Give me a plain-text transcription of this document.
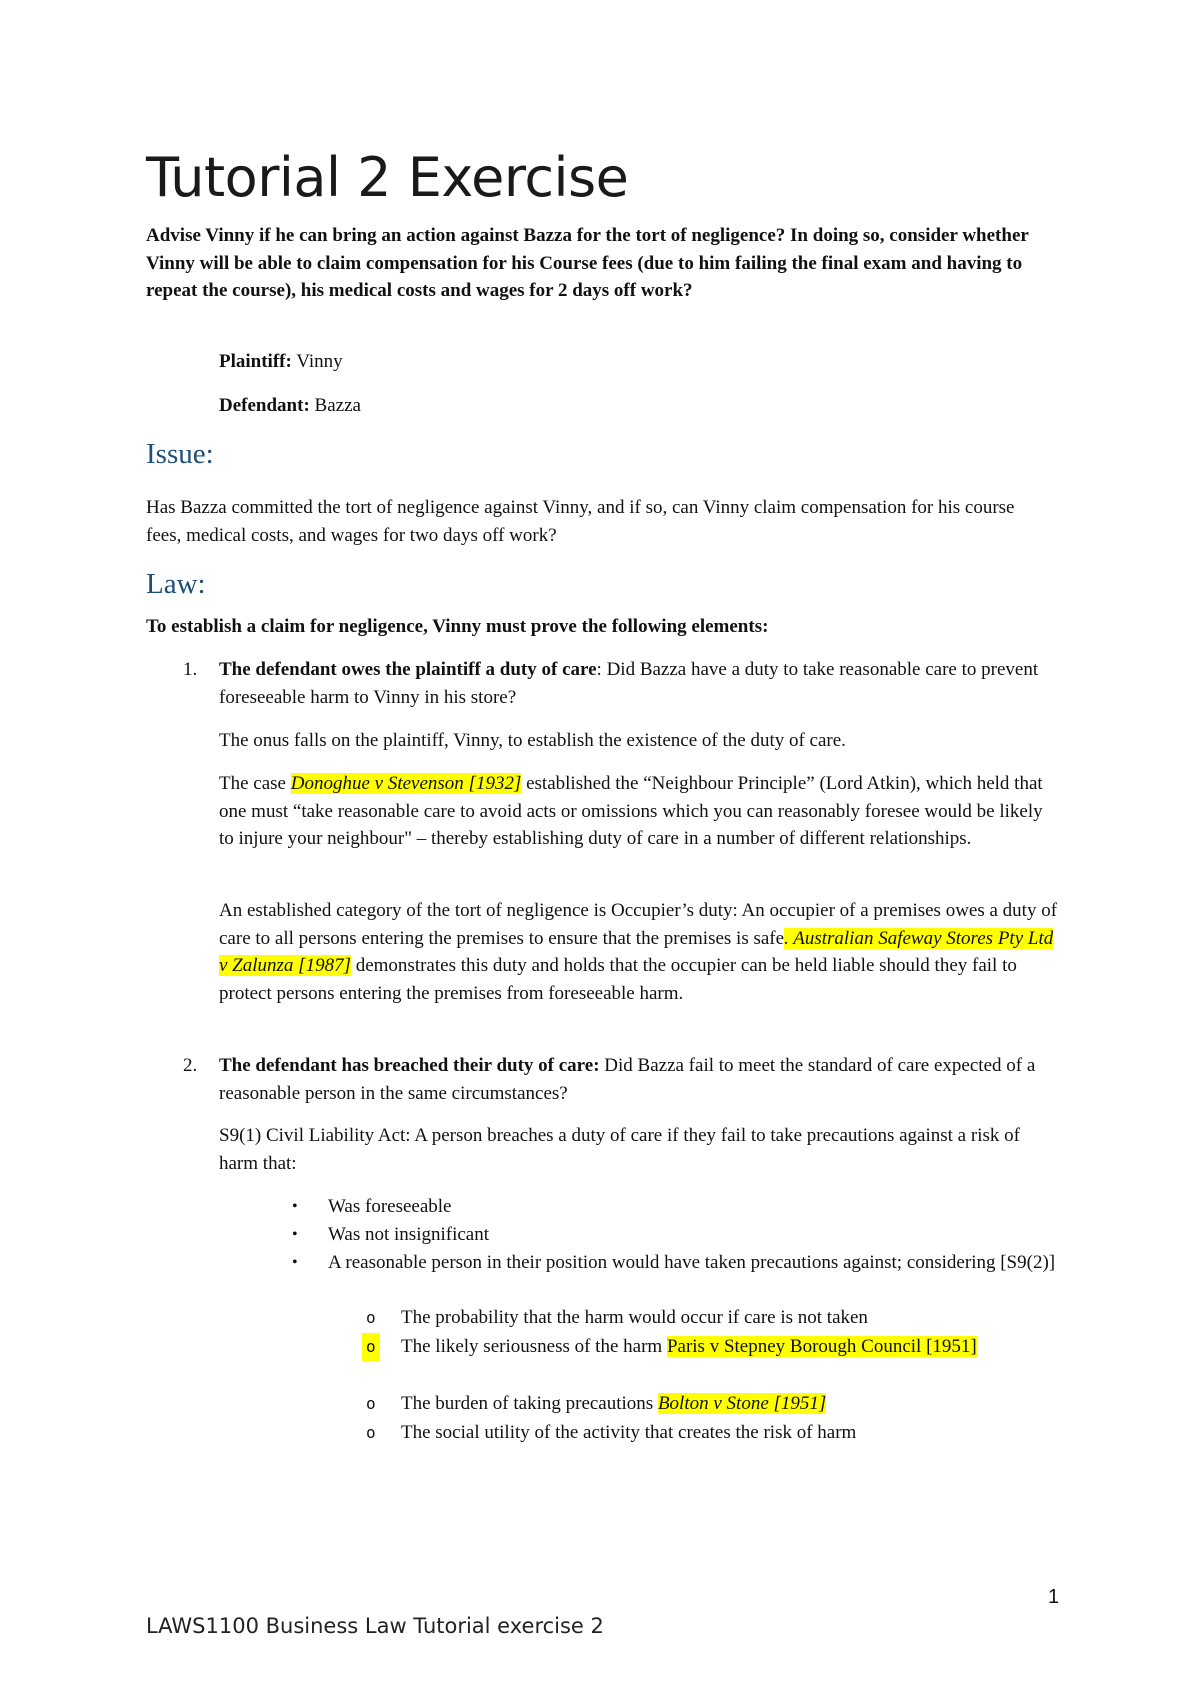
Tutorial 2 Exercise
Advise Vinny if he can bring an action against Bazza for the tort of negligence? In doing so, consider whether Vinny will be able to claim compensation for his Course fees (due to him failing the final exam and having to repeat the course), his medical costs and wages for 2 days off work?
Plaintiff: Vinny
Defendant: Bazza
Issue:
Has Bazza committed the tort of negligence against Vinny, and if so, can Vinny claim compensation for his course fees, medical costs, and wages for two days off work?
Law:
To establish a claim for negligence, Vinny must prove the following elements:
1. The defendant owes the plaintiff a duty of care: Did Bazza have a duty to take reasonable care to prevent foreseeable harm to Vinny in his store?
The onus falls on the plaintiff, Vinny, to establish the existence of the duty of care.
The case Donoghue v Stevenson [1932] established the “Neighbour Principle” (Lord Atkin), which held that one must “take reasonable care to avoid acts or omissions which you can reasonably foresee would be likely to injure your neighbour" – thereby establishing duty of care in a number of different relationships.
An established category of the tort of negligence is Occupier’s duty: An occupier of a premises owes a duty of care to all persons entering the premises to ensure that the premises is safe. Australian Safeway Stores Pty Ltd v Zalunza [1987] demonstrates this duty and holds that the occupier can be held liable should they fail to protect persons entering the premises from foreseeable harm.
2. The defendant has breached their duty of care: Did Bazza fail to meet the standard of care expected of a reasonable person in the same circumstances?
S9(1) Civil Liability Act: A person breaches a duty of care if they fail to take precautions against a risk of harm that:
• Was foreseeable
• Was not insignificant
• A reasonable person in their position would have taken precautions against; considering [S9(2)]
o The probability that the harm would occur if care is not taken
o The likely seriousness of the harm Paris v Stepney Borough Council [1951]
o The burden of taking precautions Bolton v Stone [1951]
o The social utility of the activity that creates the risk of harm
1
LAWS1100 Business Law Tutorial exercise 2
